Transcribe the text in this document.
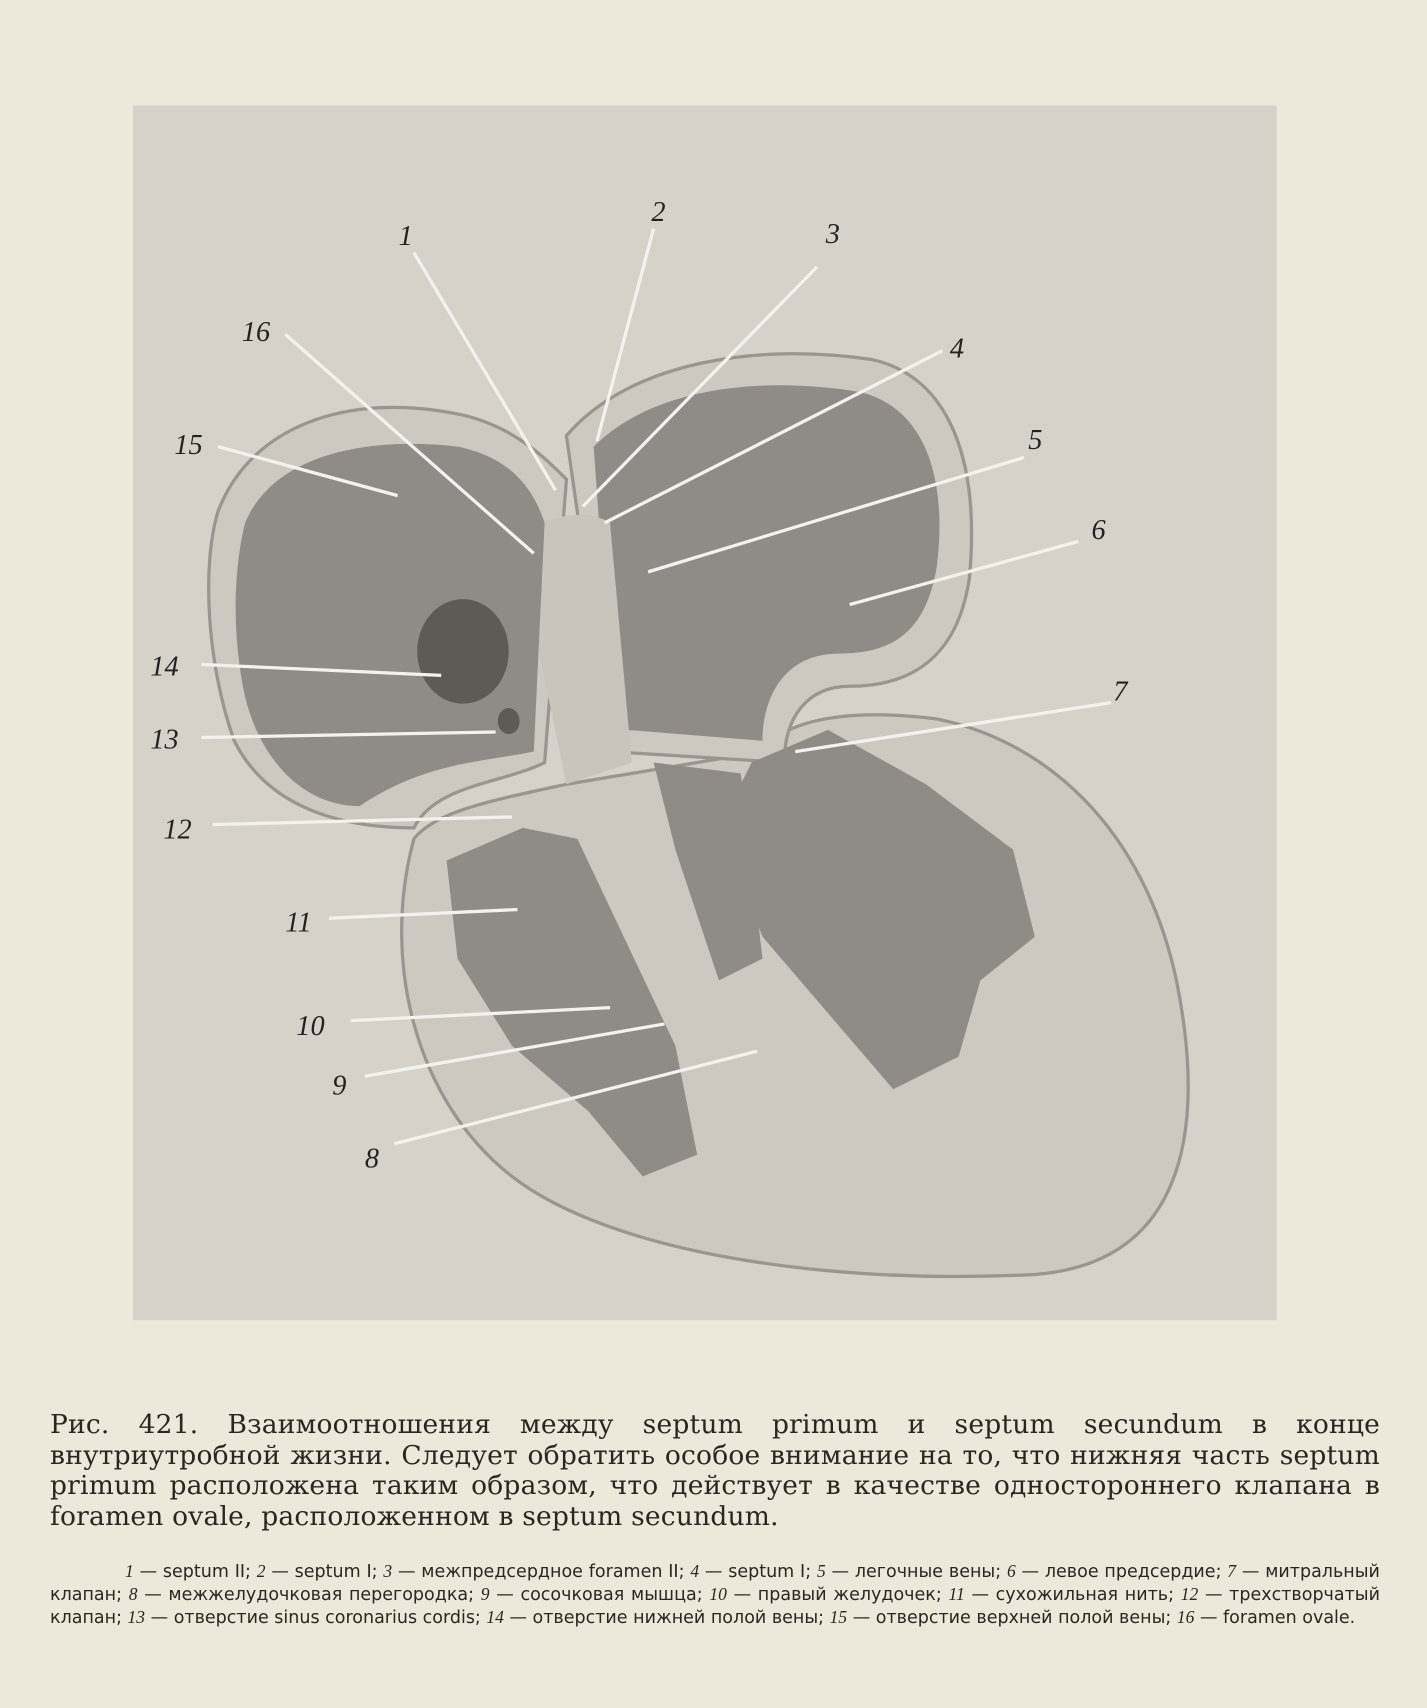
1
2
3
4
5
6
7
8
9
10
11
12
13
14
15
16

Рис. 421. Взаимоотношения между septum primum и septum secundum в конце внутриутробной жизни. Следует обратить особое внимание на то, что нижняя часть septum primum расположена таким образом, что действует в качестве одностороннего клапана в foramen ovale, расположенном в septum secundum.

1 — septum II; 2 — septum I; 3 — межпредсердное foramen II; 4 — septum I; 5 — легочные вены; 6 — левое предсердие; 7 — митральный клапан; 8 — межжелудочковая перегородка; 9 — сосочковая мышца; 10 — правый желудочек; 11 — сухожильная нить; 12 — трехстворчатый клапан; 13 — отверстие sinus coronarius cordis; 14 — отверстие нижней полой вены; 15 — отверстие верхней полой вены; 16 — foramen ovale.
